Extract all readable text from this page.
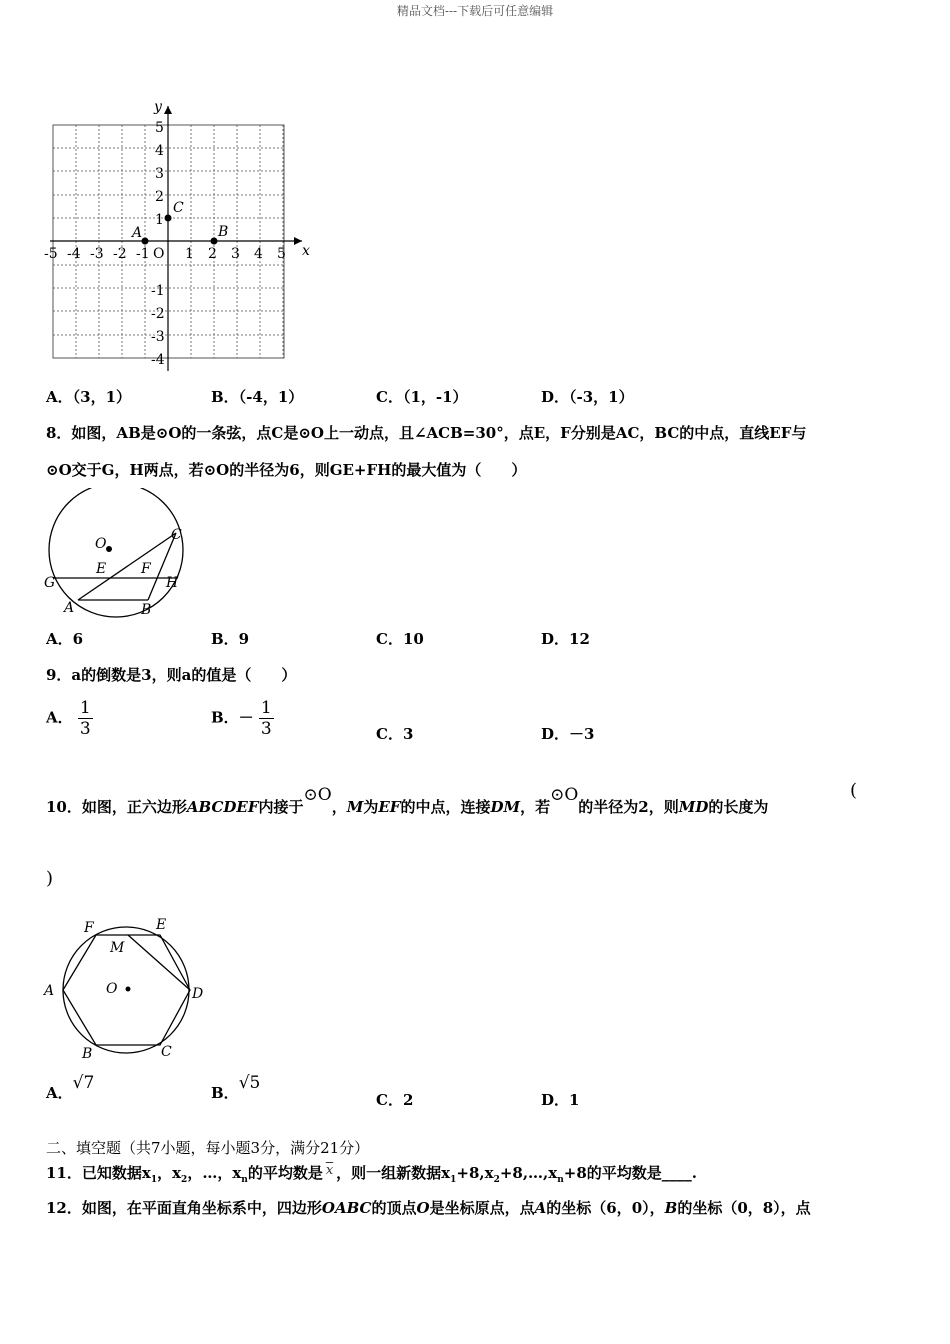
精品文档---下载后可任意编辑
x
y
-5 -4 -3 -2 -1 O 1 2 3 4 5
5
4
3
2
1
-1
-2
-3
-4
A	B
C
A．（3，1）	B．（-4，1）	C．（1，-1）	D．（-3，1）
8．如图，AB是⊙O的一条弦，点C是⊙O上一动点，且∠ACB=30°，点E，F分别是AC，BC的中点，直线EF与
⊙O交于G，H两点，若⊙O的半径为6，则GE+FH的最大值为（　　）
O
C
E F
G	H
A	B
A．6	B．9	C．10	D．12
9．a的倒数是3，则a的值是（　　）
A． $\frac{1}{3}$	B．－ $\frac{1}{3}$	C．3	D．－3
10．如图，正六边形ABCDEF内接于⊙O，M为EF的中点，连接DM，若⊙O的半径为2，则MD的长度为
(
)
F	E
M
A	O	D
B	C
A．√7	B．√5
C．2	D．1
二、填空题（共7小题，每小题3分，满分21分）
11．已知数据$x_1$，$x_2$，…，$x_n$的平均数是 $\overline{x}$ ，则一组新数据$x_1+8,x_2+8,\dots,x_n+8$的平均数是____.
12．如图，在平面直角坐标系中，四边形OABC的顶点O是坐标原点，点A的坐标（6，0），B的坐标（0，8），点
